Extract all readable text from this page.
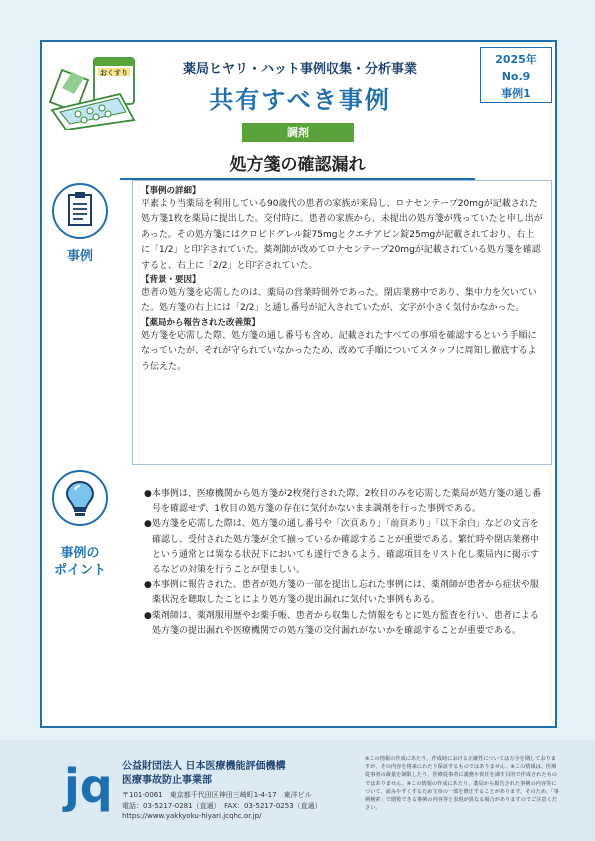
おくすり	薬局ヒヤリ・ハット事例収集・分析事業
共有すべき事例
2025年
No.9
事例1
調剤
処方箋の確認漏れ
事例
【事例の詳細】
平素より当薬局を利用している90歳代の患者の家族が来局し、ロナセンテープ20mgが記載された処方箋1枚を薬局に提出した。交付時に、患者の家族から、未提出の処方箋が残っていたと申し出があった。その処方箋にはクロピドグレル錠75mgとクエチアピン錠25mgが記載されており、右上に「1/2」と印字されていた。薬剤師が改めてロナセンテープ20mgが記載されている処方箋を確認すると、右上に「2/2」と印字されていた。
【背景・要因】
患者の処方箋を応需したのは、薬局の営業時間外であった。閉店業務中であり、集中力を欠いていた。処方箋の右上には「2/2」と通し番号が記入されていたが、文字が小さく気付かなかった。
【薬局から報告された改善策】
処方箋を応需した際、処方箋の通し番号も含め、記載されたすべての事項を確認するという手順になっていたが、それが守られていなかったため、改めて手順についてスタッフに周知し徹底するよう伝えた。
事例の
ポイント
●本事例は、医療機関から処方箋が2枚発行された際、2枚目のみを応需した薬局が処方箋の通し番号を確認せず、1枚目の処方箋の存在に気付かないまま調剤を行った事例である。
●処方箋を応需した際は、処方箋の通し番号や「次頁あり」「前頁あり」「以下余白」などの文言を確認し、受付された処方箋が全て揃っているか確認することが重要である。繁忙時や閉店業務中という通常とは異なる状況下においても遂行できるよう、確認項目をリスト化し薬局内に掲示するなどの対策を行うことが望ましい。
●本事例に報告された、患者が処方箋の一部を提出し忘れた事例には、薬剤師が患者から症状や服薬状況を聴取したことにより処方箋の提出漏れに気付いた事例もある。
●薬剤師は、薬剤服用歴やお薬手帳、患者から収集した情報をもとに処方監査を行い、患者による処方箋の提出漏れや医療機関での処方箋の交付漏れがないかを確認することが重要である。
jq 公益財団法人 日本医療機能評価機構
医療事故防止事業部
〒101-0061　東京都千代田区神田三崎町1-4-17　東洋ビル
電話：03-5217-0281（直通）　FAX：03-5217-0253（直通）
https://www.yakkyoku-hiyari.jcqhc.or.jp/
※この情報の作成にあたり、作成時における正確性については万全を期しておりますが、その内容を将来にわたり保証するものではありません。※この情報は、医療従事者の裁量を制限したり、医療従事者に義務や責任を課す目的で作成されたものではありません。※この情報の作成にあたり、薬局から報告された事例の内容等について、読みやすくするため文章の一部を修正することがあります。そのため、「事例検索」で閲覧できる事例の内容等と表現が異なる場合がありますのでご注意ください。
